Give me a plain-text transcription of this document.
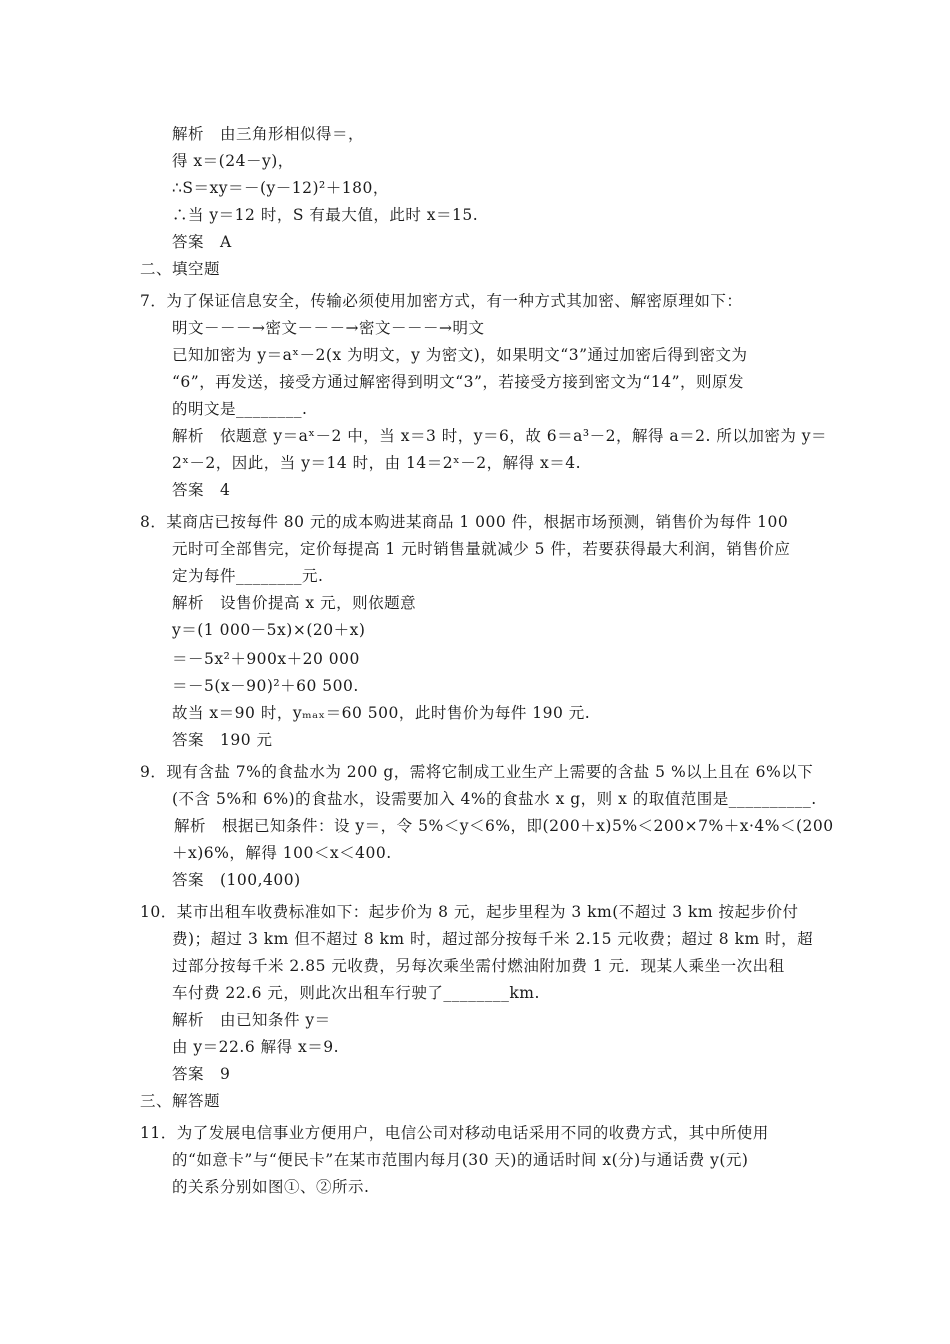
解析　由三角形相似得＝，
得 x＝(24－y)，
∴S＝xy＝－(y－12)²＋180，
∴当 y＝12 时，S 有最大值，此时 x＝15.
答案　A
二、填空题
7．为了保证信息安全，传输必须使用加密方式，有一种方式其加密、解密原理如下：
明文－－－→密文－－－→密文－－－→明文
已知加密为 y＝aˣ－2(x 为明文，y 为密文)，如果明文“3”通过加密后得到密文为
“6”，再发送，接受方通过解密得到明文“3”，若接受方接到密文为“14”，则原发
的明文是________.
解析　依题意 y＝aˣ－2 中，当 x＝3 时，y＝6，故 6＝a³－2，解得 a＝2. 所以加密为 y＝
2ˣ－2，因此，当 y＝14 时，由 14＝2ˣ－2，解得 x＝4.
答案　4
8．某商店已按每件 80 元的成本购进某商品 1 000 件，根据市场预测，销售价为每件 100
元时可全部售完，定价每提高 1 元时销售量就减少 5 件，若要获得最大利润，销售价应
定为每件________元.
解析　设售价提高 x 元，则依题意
y＝(1 000－5x)×(20＋x)
＝－5x²＋900x＋20 000
＝－5(x－90)²＋60 500.
故当 x＝90 时，yₘₐₓ＝60 500，此时售价为每件 190 元.
答案　190 元
9．现有含盐 7%的食盐水为 200 g，需将它制成工业生产上需要的含盐 5 %以上且在 6%以下
(不含 5%和 6%)的食盐水，设需要加入 4%的食盐水 x g，则 x 的取值范围是__________.
解析　根据已知条件：设 y＝，令 5%＜y＜6%，即(200＋x)5%＜200×7%＋x·4%＜(200
＋x)6%，解得 100＜x＜400.
答案　(100,400)
10．某市出租车收费标准如下：起步价为 8 元，起步里程为 3 km(不超过 3 km 按起步价付
费)；超过 3 km 但不超过 8 km 时，超过部分按每千米 2.15 元收费；超过 8 km 时，超
过部分按每千米 2.85 元收费，另每次乘坐需付燃油附加费 1 元．现某人乘坐一次出租
车付费 22.6 元，则此次出租车行驶了________km.
解析　由已知条件 y＝
由 y＝22.6 解得 x＝9.
答案　9
三、解答题
11．为了发展电信事业方便用户，电信公司对移动电话采用不同的收费方式，其中所使用
的“如意卡”与“便民卡”在某市范围内每月(30 天)的通话时间 x(分)与通话费 y(元)
的关系分别如图①、②所示.
